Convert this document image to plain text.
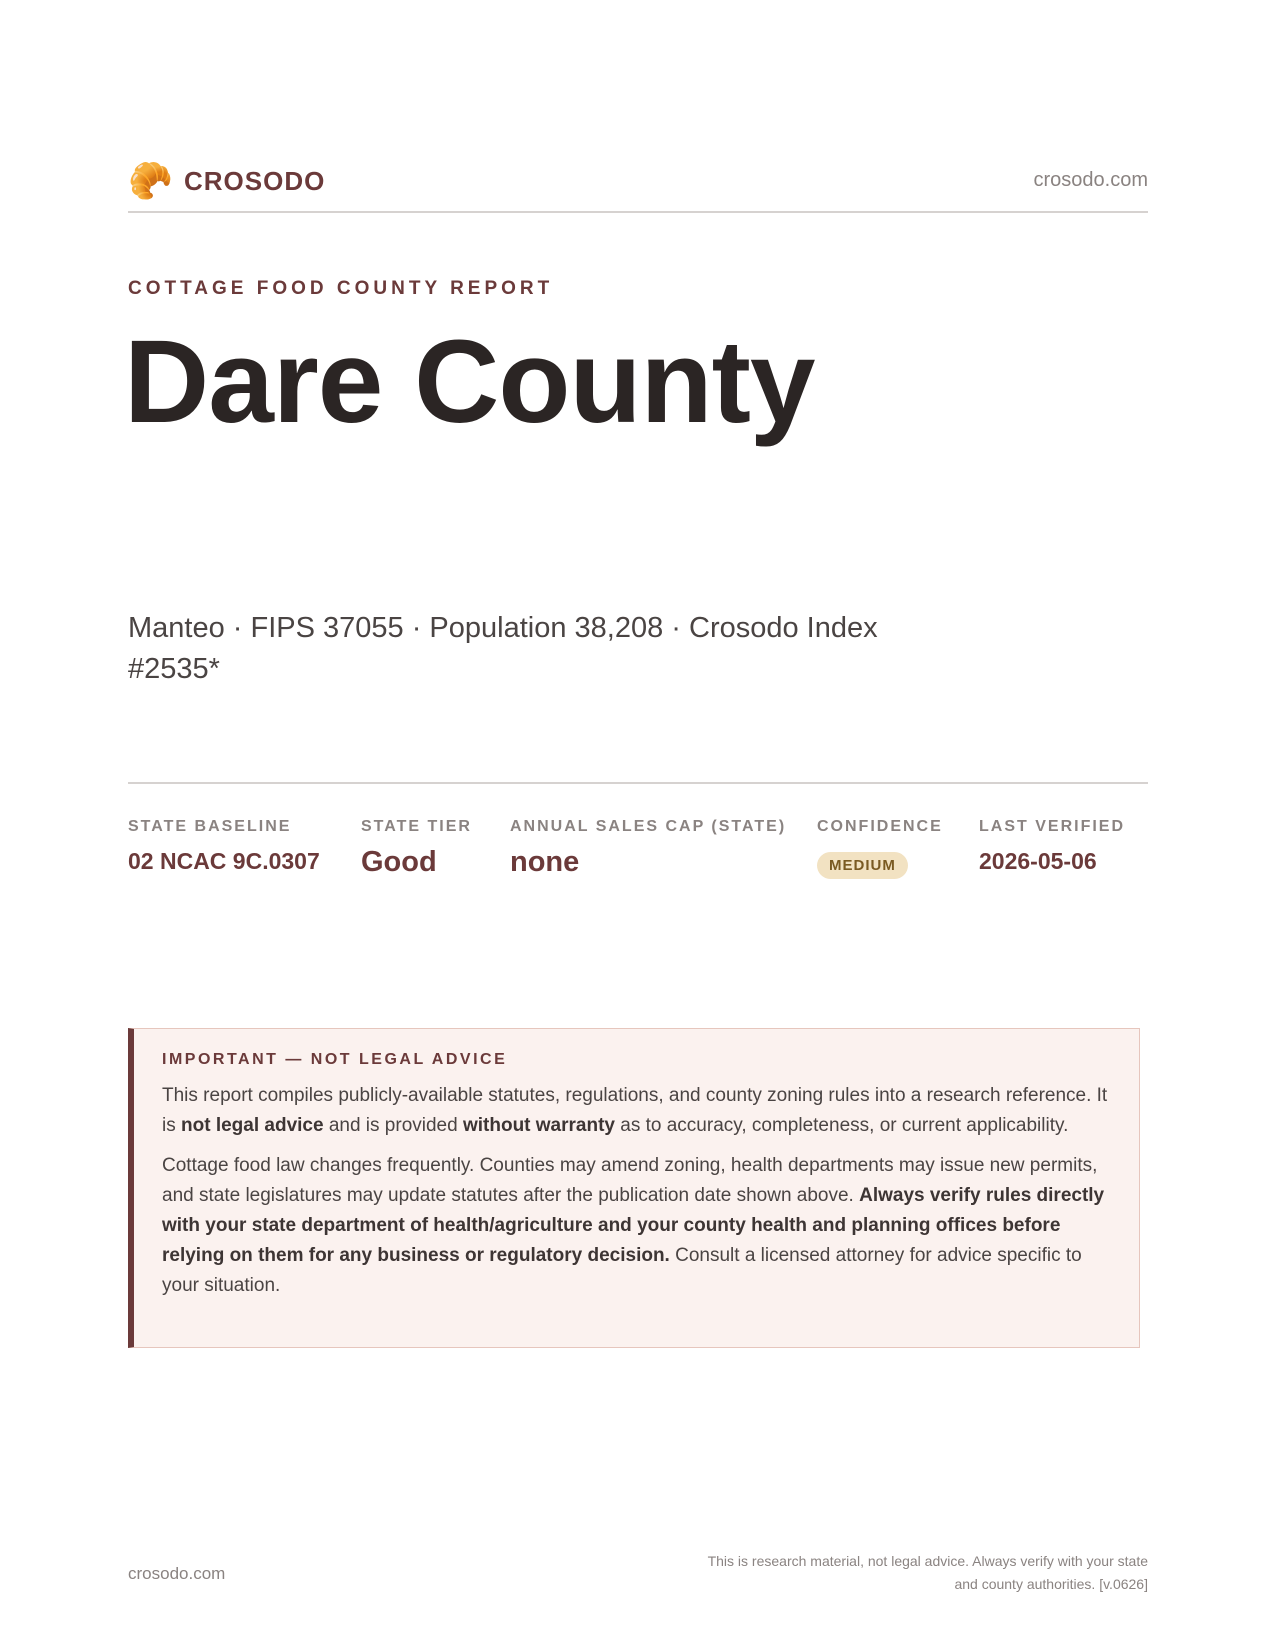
🥐 CROSODO	crosodo.com
COTTAGE FOOD COUNTY REPORT
Dare County
Manteo · FIPS 37055 · Population 38,208 · Crosodo Index #2535*
STATE BASELINE
02 NCAC 9C.0307
STATE TIER
Good
ANNUAL SALES CAP (STATE)
none
CONFIDENCE
MEDIUM
LAST VERIFIED
2026-05-06
IMPORTANT — NOT LEGAL ADVICE

This report compiles publicly-available statutes, regulations, and county zoning rules into a research reference. It is not legal advice and is provided without warranty as to accuracy, completeness, or current applicability.

Cottage food law changes frequently. Counties may amend zoning, health departments may issue new permits, and state legislatures may update statutes after the publication date shown above. Always verify rules directly with your state department of health/agriculture and your county health and planning offices before relying on them for any business or regulatory decision. Consult a licensed attorney for advice specific to your situation.

crosodo.com
This is research material, not legal advice. Always verify with your state
and county authorities. [v.0626]
